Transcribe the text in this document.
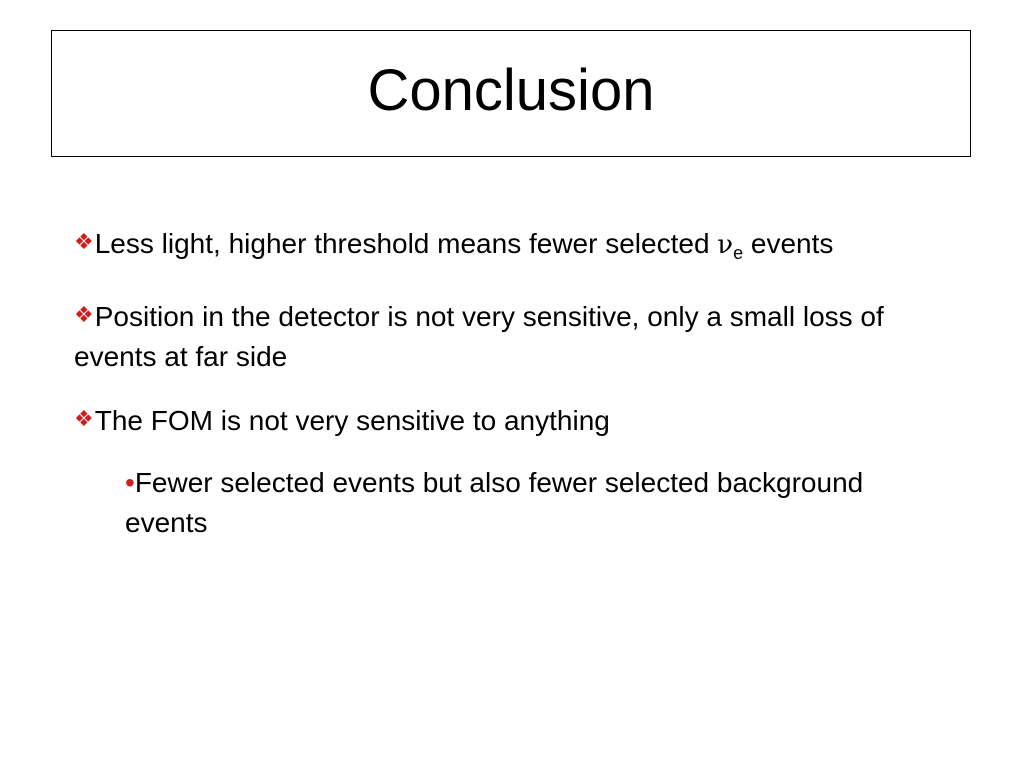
Conclusion
❖Less light, higher threshold means fewer selected $\nu_e$ events
❖Position in the detector is not very sensitive, only a small loss of events at far side
❖The FOM is not very sensitive to anything
•Fewer selected events but also fewer selected background events
